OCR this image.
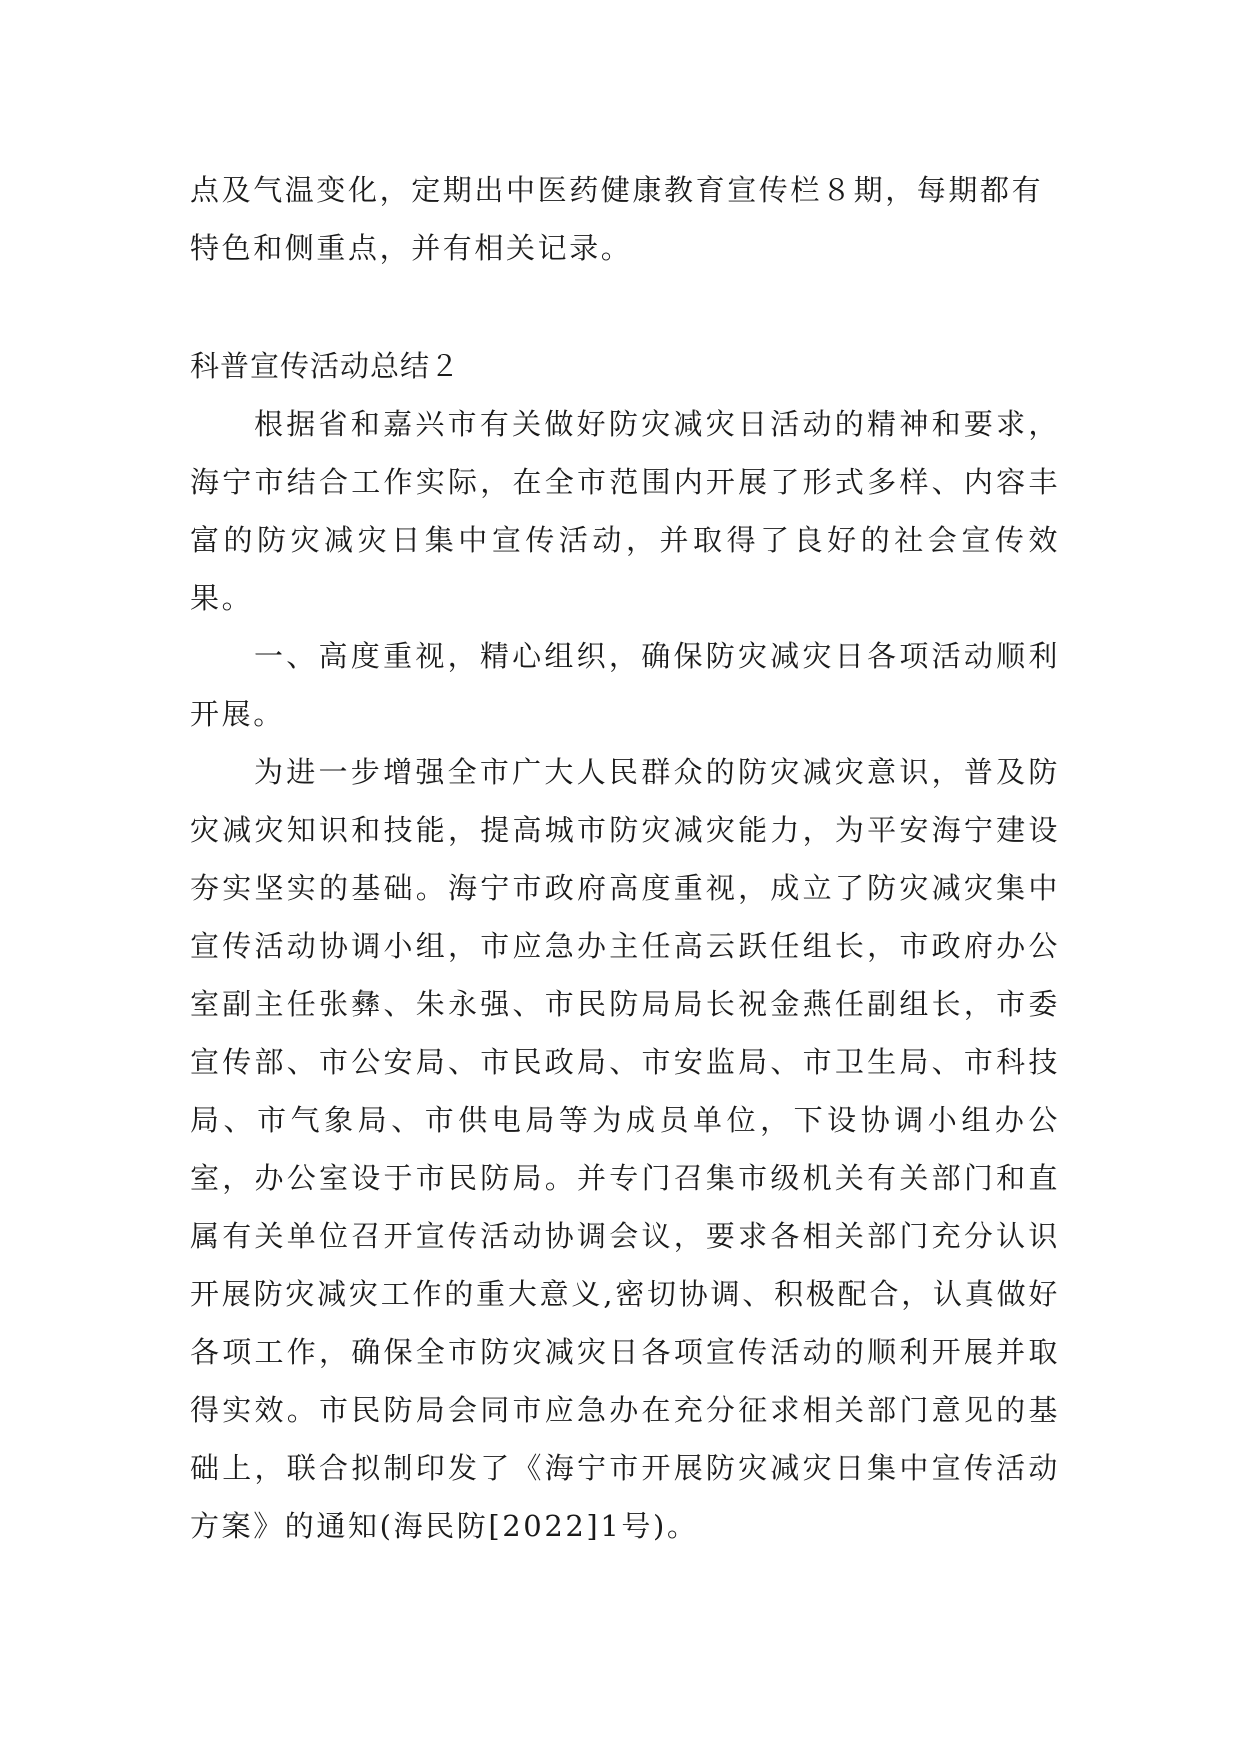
点及气温变化，定期出中医药健康教育宣传栏８期，每期都有特色和侧重点，并有相关记录。

科普宣传活动总结２

根据省和嘉兴市有关做好防灾减灾日活动的精神和要求，海宁市结合工作实际，在全市范围内开展了形式多样、内容丰富的防灾减灾日集中宣传活动，并取得了良好的社会宣传效果。

一、高度重视，精心组织，确保防灾减灾日各项活动顺利开展。

为进一步增强全市广大人民群众的防灾减灾意识，普及防灾减灾知识和技能，提高城市防灾减灾能力，为平安海宁建设夯实坚实的基础。海宁市政府高度重视，成立了防灾减灾集中宣传活动协调小组，市应急办主任高云跃任组长，市政府办公室副主任张彝、朱永强、市民防局局长祝金燕任副组长，市委宣传部、市公安局、市民政局、市安监局、市卫生局、市科技局、市气象局、市供电局等为成员单位，下设协调小组办公室，办公室设于市民防局。并专门召集市级机关有关部门和直属有关单位召开宣传活动协调会议，要求各相关部门充分认识开展防灾减灾工作的重大意义,密切协调、积极配合，认真做好各项工作，确保全市防灾减灾日各项宣传活动的顺利开展并取得实效。市民防局会同市应急办在充分征求相关部门意见的基础上，联合拟制印发了《海宁市开展防灾减灾日集中宣传活动方案》的通知(海民防[2022]1号)。
